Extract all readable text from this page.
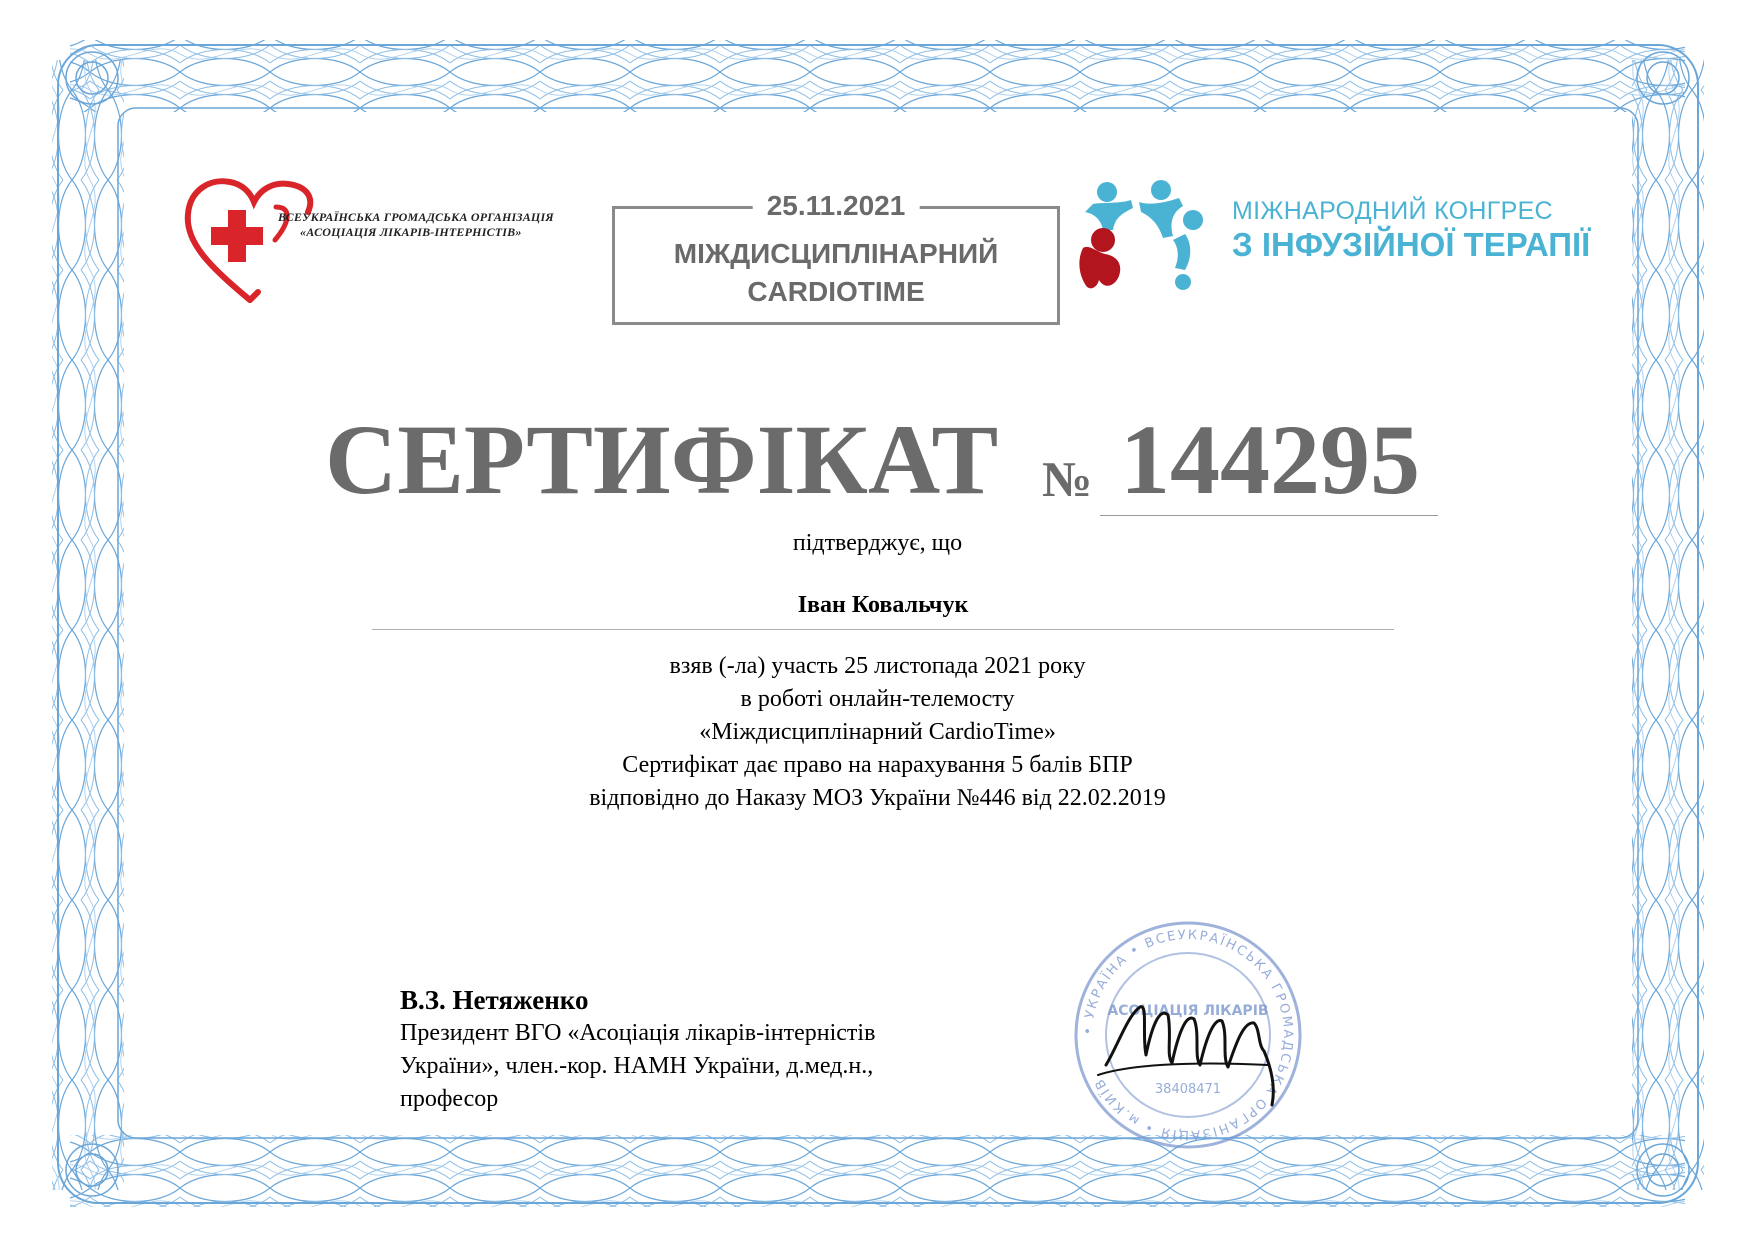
ВСЕУКРАЇНСЬКА ГРОМАДСЬКА ОРГАНІЗАЦІЯ
«АСОЦІАЦІЯ ЛІКАРІВ-ІНТЕРНІСТІВ»
25.11.2021
МІЖДИСЦИПЛІНАРНИЙ
CARDIOTIME
МІЖНАРОДНИЙ КОНГРЕС
З ІНФУЗІЙНОЇ ТЕРАПІЇ
СЕРТИФІКАТ № 144295
підтверджує, що
Іван Ковальчук
взяв (-ла) участь 25 листопада 2021 року
в роботі онлайн-телемосту
«Міждисциплінарний CardioTime»
Сертифікат дає право на нарахування 5 балів БПР
відповідно до Наказу МОЗ України №446 від 22.02.2019
В.З. Нетяженко
Президент ВГО «Асоціація лікарів-інтерністів
України», член.-кор. НАМН України, д.мед.н.,
професор
• УКРАЇНА • ВСЕУКРАЇНСЬКА ГРОМАДСЬКА ОРГАНІЗАЦІЯ • м.КИЇВ
АСОЦІАЦІЯ ЛІКАРІВ
38408471
